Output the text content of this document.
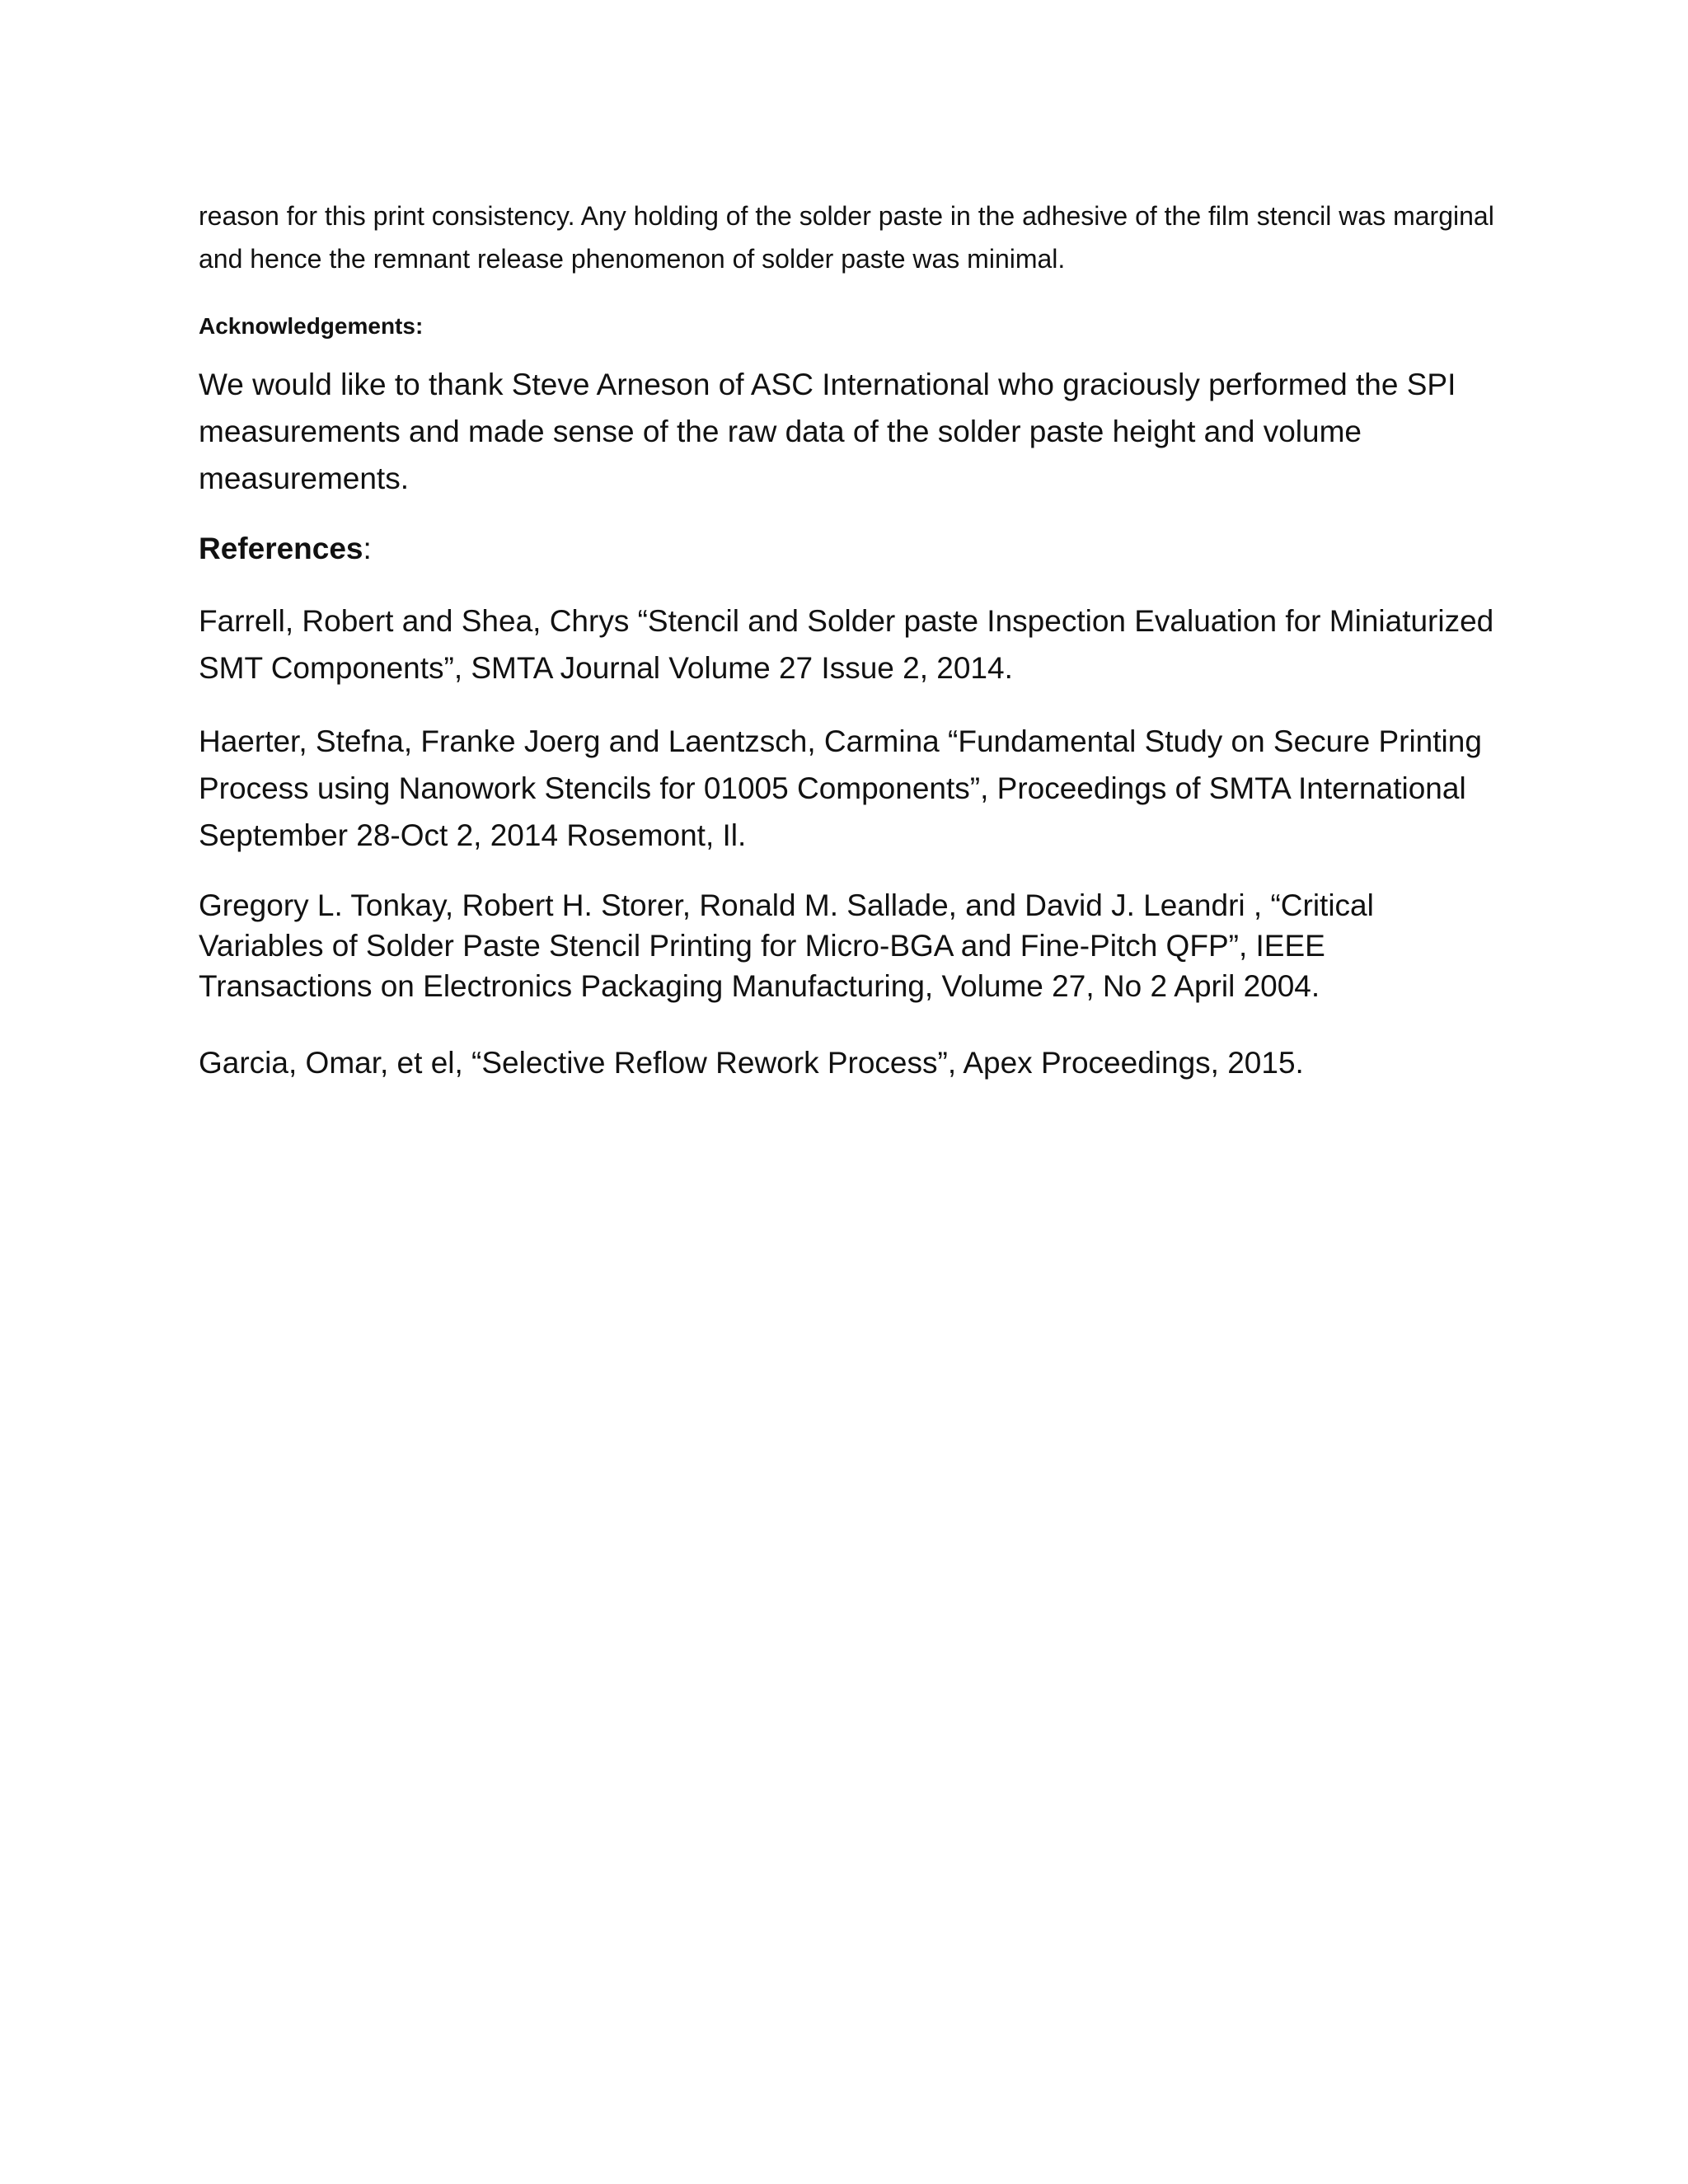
reason for this print consistency. Any holding of the solder paste in the adhesive of the film stencil was marginal and hence the remnant release phenomenon of solder paste was minimal.

Acknowledgements:

We would like to thank Steve Arneson of ASC International who graciously performed the SPI measurements and made sense of the raw data of the solder paste height and volume measurements.

References:

Farrell, Robert and Shea, Chrys “Stencil and Solder paste Inspection Evaluation for Miniaturized SMT Components”, SMTA Journal Volume 27 Issue 2, 2014.

Haerter, Stefna, Franke Joerg and Laentzsch, Carmina “Fundamental Study on Secure Printing Process using Nanowork Stencils for 01005 Components”, Proceedings of SMTA International September 28-Oct 2, 2014 Rosemont, Il.

Gregory L. Tonkay, Robert H. Storer, Ronald M. Sallade, and David J. Leandri , “Critical Variables of Solder Paste Stencil Printing for Micro-BGA and Fine-Pitch QFP”, IEEE Transactions on Electronics Packaging Manufacturing, Volume 27, No 2 April 2004.

Garcia, Omar, et el, “Selective Reflow Rework Process”, Apex Proceedings, 2015.
